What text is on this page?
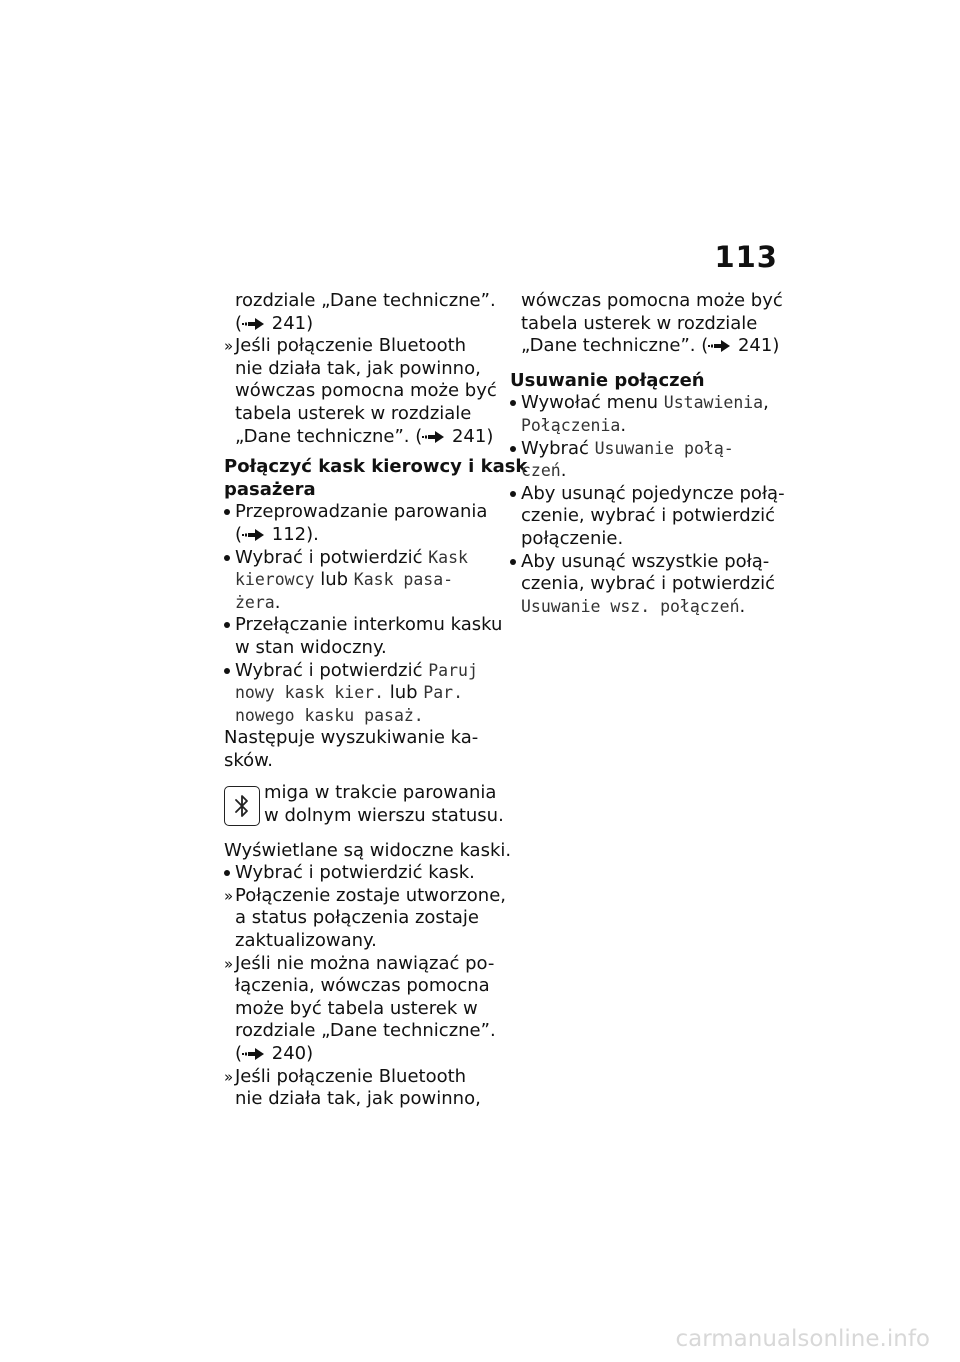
113
rozdziale „Dane techniczne”.
( 241)
» Jeśli połączenie Bluetooth
nie działa tak, jak powinno,
wówczas pomocna może być
tabela usterek w rozdziale
„Dane techniczne”. ( 241)
Połączyć kask kierowcy i kask
pasażera
Przeprowadzanie parowania
( 112).
Wybrać i potwierdzić Kask
kierowcy lub Kask pasa-
żera.
Przełączanie interkomu kasku
w stan widoczny.
Wybrać i potwierdzić Paruj
nowy kask kier. lub Par.
nowego kasku pasaż.
Następuje wyszukiwanie ka-
sków.
miga w trakcie parowania
w dolnym wierszu statusu.
Wyświetlane są widoczne kaski.
Wybrać i potwierdzić kask.
» Połączenie zostaje utworzone,
a status połączenia zostaje
zaktualizowany.
» Jeśli nie można nawiązać po-
łączenia, wówczas pomocna
może być tabela usterek w
rozdziale „Dane techniczne”.
( 240)
» Jeśli połączenie Bluetooth
nie działa tak, jak powinno,
wówczas pomocna może być
tabela usterek w rozdziale
„Dane techniczne”. ( 241)
Usuwanie połączeń
Wywołać menu Ustawienia,
Połączenia.
Wybrać Usuwanie połą-
czeń.
Aby usunąć pojedyncze połą-
czenie, wybrać i potwierdzić
połączenie.
Aby usunąć wszystkie połą-
czenia, wybrać i potwierdzić
Usuwanie wsz. połączeń.
carmanualsonline.info
